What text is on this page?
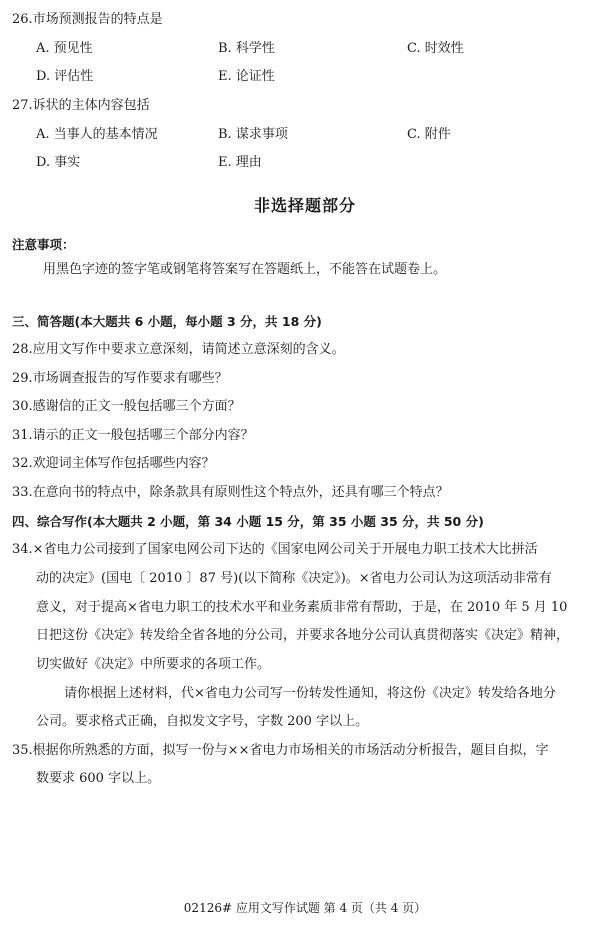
26.市场预测报告的特点是
A. 预见性	B. 科学性	C. 时效性
D. 评估性	E. 论证性
27.诉状的主体内容包括
A. 当事人的基本情况	B. 谋求事项	C. 附件
D. 事实	E. 理由
非选择题部分
注意事项：
用黑色字迹的签字笔或钢笔将答案写在答题纸上，不能答在试题卷上。
三、简答题(本大题共 6 小题，每小题 3 分，共 18 分)
28.应用文写作中要求立意深刻，请简述立意深刻的含义。
29.市场调查报告的写作要求有哪些？
30.感谢信的正文一般包括哪三个方面？
31.请示的正文一般包括哪三个部分内容？
32.欢迎词主体写作包括哪些内容？
33.在意向书的特点中，除条款具有原则性这个特点外，还具有哪三个特点？
四、综合写作(本大题共 2 小题，第 34 小题 15 分，第 35 小题 35 分，共 50 分)
34.×省电力公司接到了国家电网公司下达的《国家电网公司关于开展电力职工技术大比拼活
动的决定》(国电〔 2010 〕87 号)(以下简称《决定》)。×省电力公司认为这项活动非常有
意义，对于提高×省电力职工的技术水平和业务素质非常有帮助，于是，在 2010 年 5 月 10
日把这份《决定》转发给全省各地的分公司，并要求各地分公司认真贯彻落实《决定》精神，
切实做好《决定》中所要求的各项工作。
请你根据上述材料，代×省电力公司写一份转发性通知，将这份《决定》转发给各地分
公司。要求格式正确，自拟发文字号，字数 200 字以上。
35.根据你所熟悉的方面，拟写一份与××省电力市场相关的市场活动分析报告，题目自拟，字
数要求 600 字以上。
02126# 应用文写作试题 第 4 页（共 4 页）
